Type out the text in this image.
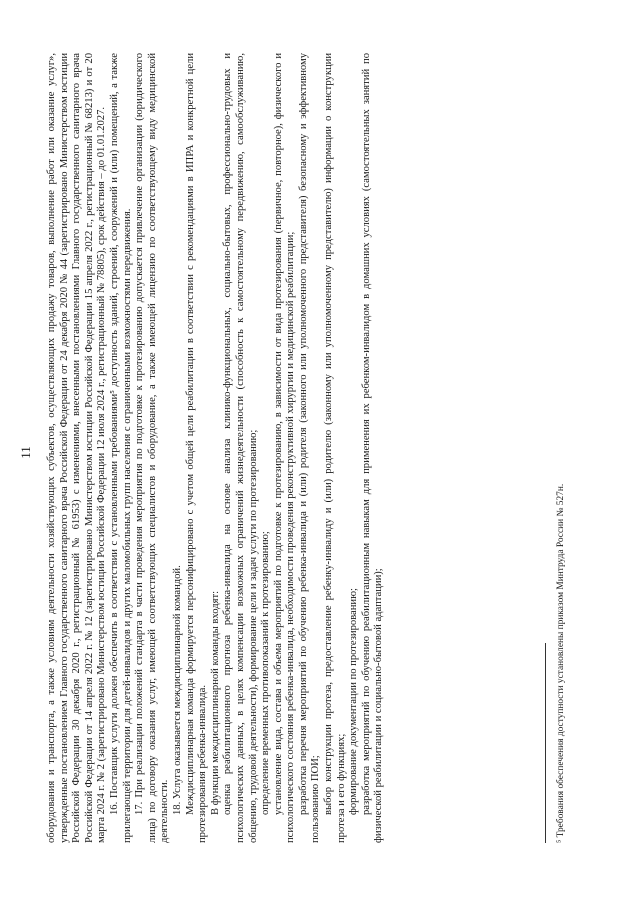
11 оборудования и транспорта, а также условиям деятельности хозяйствующих субъектов, осуществляющих продажу товаров, выполнение работ или оказание услуг», утвержденные постановлением Главного государственного санитарного врача Российской Федерации от 24 декабря 2020 № 44 (зарегистрировано Министерством юстиции Российской Федерации 30 декабря 2020 г., регистрационный № 61953) с изменениями, внесенными постановлениями Главного государственного санитарного врача Российской Федерации от 14 апреля 2022 г. № 12 (зарегистрировано Министерством юстиции Российской Федерации 15 апреля 2022 г., регистрационный № 68213) и от 20 марта 2024 г. № 2 (зарегистрировано Министерством юстиции Российской Федерации 12 июля 2024 г., регистрационный № 78805), срок действия – до 01.01.2027. 16. Поставщик услуги должен обеспечить в соответствии с установленными требованиями⁵ доступность зданий, строений, сооружений и (или) помещений, а также прилегающей территории для детей-инвалидов и других маломобильных групп населения с ограниченными возможностями передвижения. 17. При реализации положений стандарта в части проведения мероприятия по подготовке к протезированию допускается привлечение организации (юридического лица) по договору оказания услуг, имеющей соответствующих специалистов и оборудование, а также имеющей лицензию по соответствующему виду медицинской деятельности. 18. Услуга оказывается междисциплинарной командой. Междисциплинарная команда формируется персонифицировано с учетом общей цели реабилитации в соответствии с рекомендациями в ИПРА и конкретной цели протезирования ребенка-инвалида. В функции междисциплинарной команды входят: оценка реабилитационного прогноза ребенка-инвалида на основе анализа клинико-функциональных, социально-бытовых, профессионально-трудовых и психологических данных, в целях компенсации возможных ограничений жизнедеятельности (способность к самостоятельному передвижению, самообслуживанию, общению, трудовой деятельности), формирование цели и задач услуги по протезированию; определение временных противопоказаний к протезированию; установление вида, состава и объема мероприятий по подготовке к протезированию, в зависимости от вида протезирования (первичное, повторное), физического и психологического состояния ребенка-инвалида, необходимости проведения реконструктивной хирургии и медицинской реабилитации; разработка перечня мероприятий по обучению ребенка-инвалида и (или) родителя (законного или уполномоченного представителя) безопасному и эффективному пользованию ПОИ; выбор конструкции протеза, предоставление ребенку-инвалиду и (или) родителю (законному или уполномоченному представителю) информации о конструкции протеза и его функциях; формирование документации по протезированию; разработка мероприятий по обучению реабилитационным навыкам для применения их ребенком-инвалидом в домашних условиях (самостоятельных занятий по физической реабилитации и социально-бытовой адаптации);	⁵ Требования обеспечения доступности установлены приказом Минтруда России № 527н.
